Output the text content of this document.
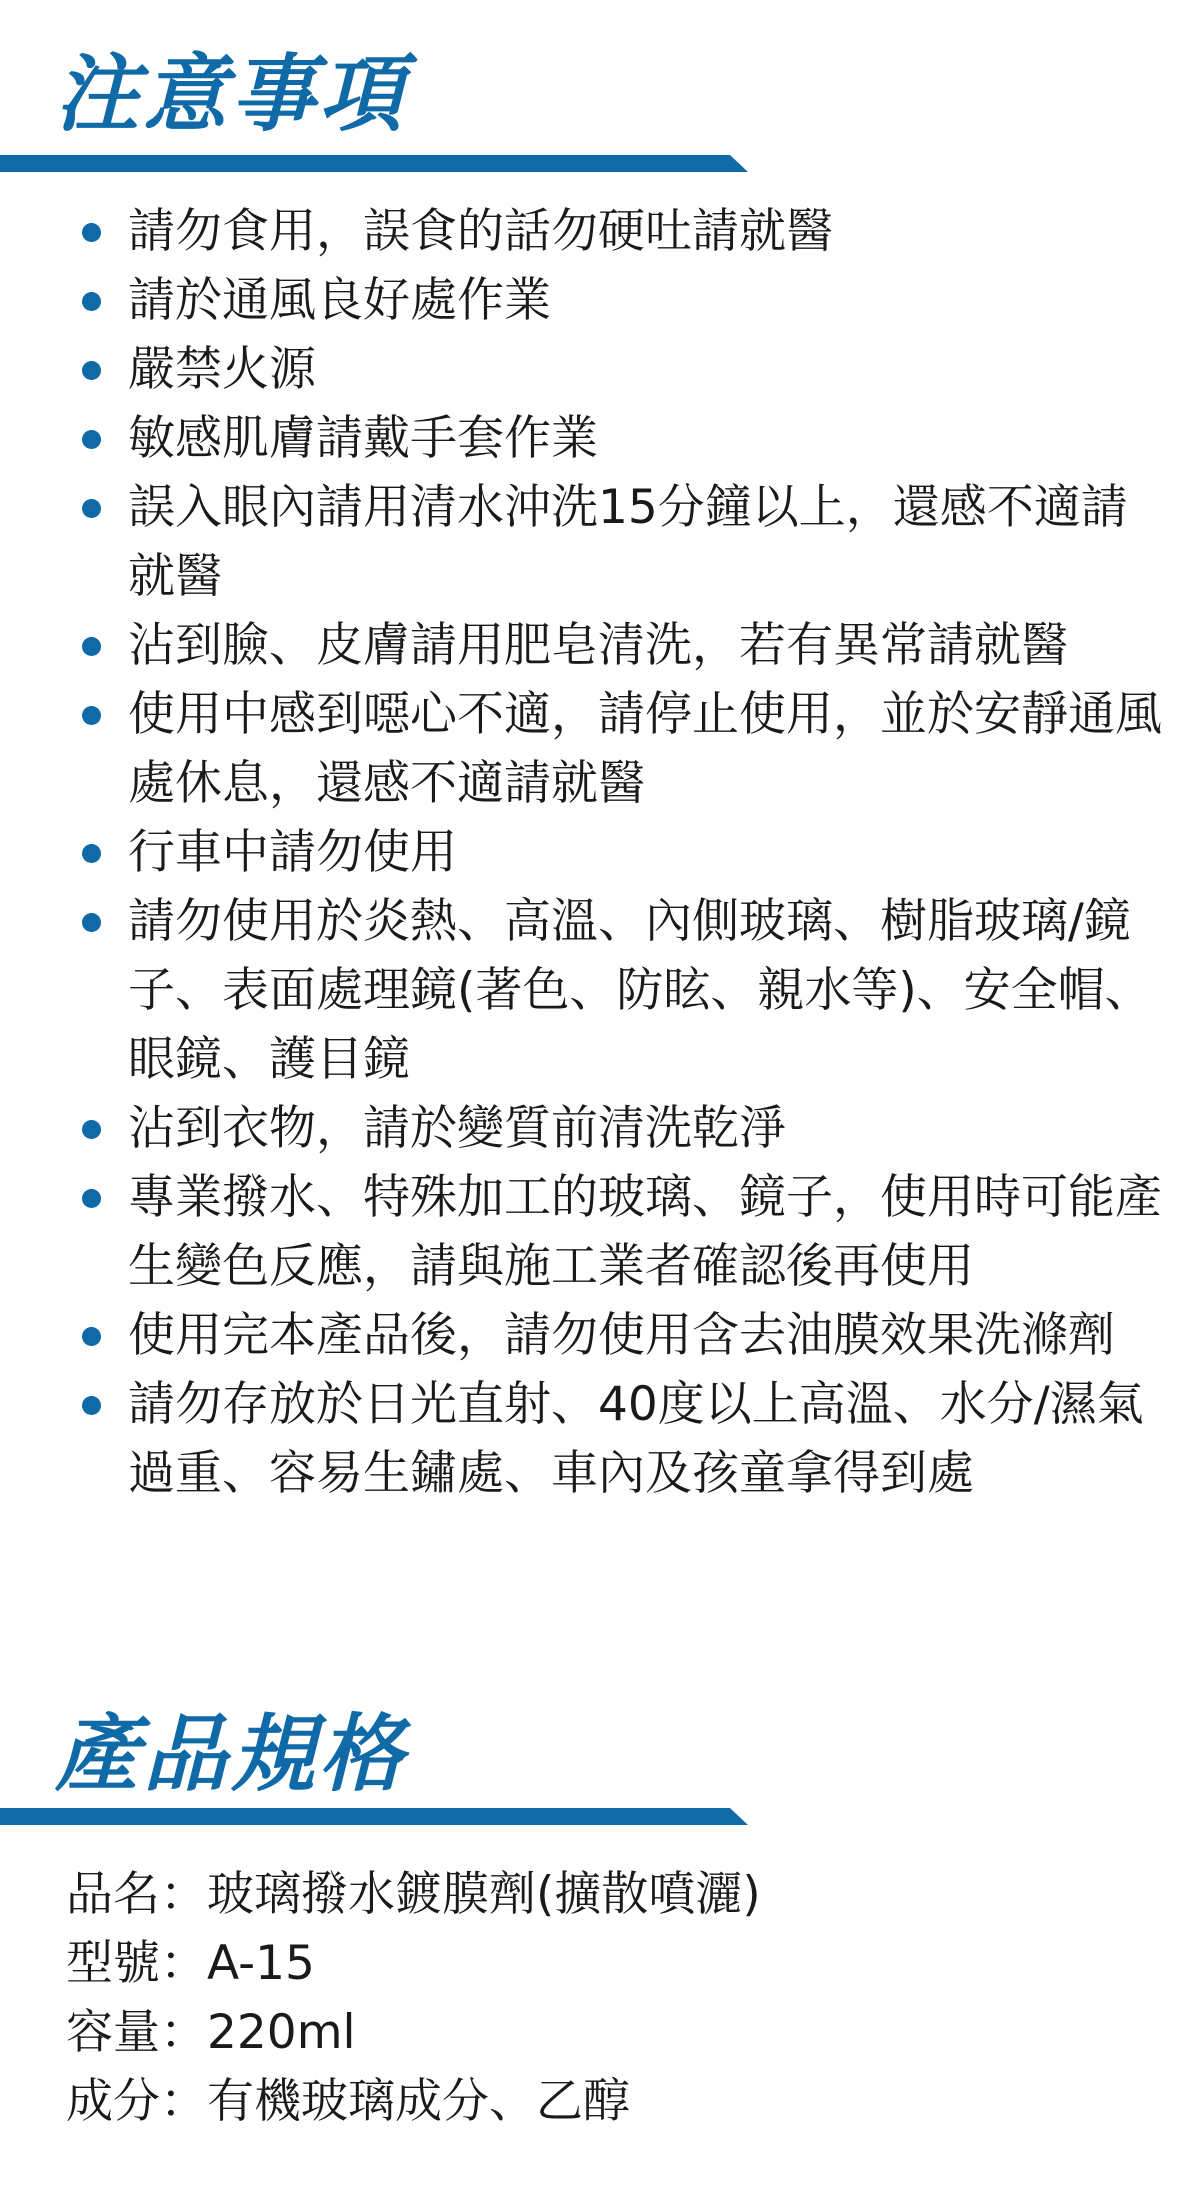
注意事項
請勿食用，誤食的話勿硬吐請就醫
請於通風良好處作業
嚴禁火源
敏感肌膚請戴手套作業
誤入眼內請用清水沖洗15分鐘以上，還感不適請就醫
沾到臉、皮膚請用肥皂清洗，若有異常請就醫
使用中感到噁心不適，請停止使用，並於安靜通風處休息，還感不適請就醫
行車中請勿使用
請勿使用於炎熱、高溫、內側玻璃、樹脂玻璃/鏡子、表面處理鏡(著色、防眩、親水等)、安全帽、眼鏡、護目鏡
沾到衣物，請於變質前清洗乾淨
專業撥水、特殊加工的玻璃、鏡子，使用時可能產生變色反應，請與施工業者確認後再使用
使用完本產品後，請勿使用含去油膜效果洗滌劑
請勿存放於日光直射、40度以上高溫、水分/濕氣過重、容易生鏽處、車內及孩童拿得到處
產品規格
品名：玻璃撥水鍍膜劑(擴散噴灑)
型號：A-15
容量：220ml
成分：有機玻璃成分、乙醇
